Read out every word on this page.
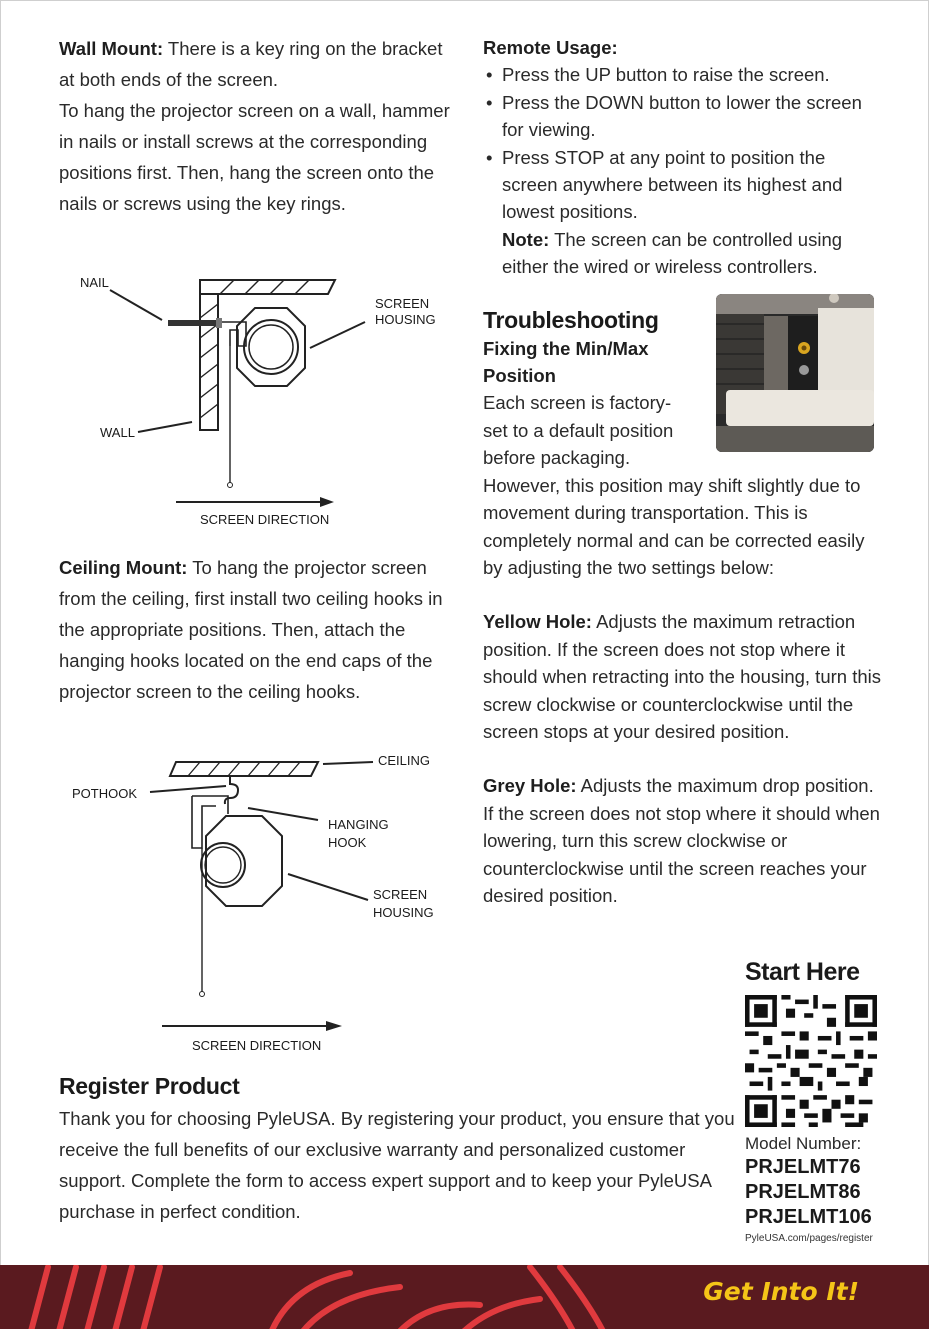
Wall Mount: There is a key ring on the bracket at both ends of the screen.

To hang the projector screen on a wall, hammer in nails or install screws at the corresponding positions first. Then, hang the screen onto the nails or screws using the key rings.

NAIL
SCREEN
HOUSING
WALL
SCREEN DIRECTION

Ceiling Mount: To hang the projector screen from the ceiling, first install two ceiling hooks in the appropriate positions. Then, attach the hanging hooks located on the end caps of the projector screen to the ceiling hooks.

CEILING
POTHOOK
HANGING
HOOK
SCREEN
HOUSING
SCREEN DIRECTION

Remote Usage:

• Press the UP button to raise the screen.
• Press the DOWN button to lower the screen for viewing.
• Press STOP at any point to position the screen anywhere between its highest and lowest positions.

Note: The screen can be controlled using either the wired or wireless controllers.

Troubleshooting

Fixing the Min/Max
Position

Each screen is factory-

set to a default position

before packaging.

However, this position may shift slightly due to movement during transportation. This is completely normal and can be corrected easily by adjusting the two settings below:

Yellow Hole: Adjusts the maximum retraction position. If the screen does not stop where it should when retracting into the housing, turn this screw clockwise or counterclockwise until the screen stops at your desired position.

Grey Hole: Adjusts the maximum drop position. If the screen does not stop where it should when lowering, turn this screw clockwise or counterclockwise until the screen reaches your desired position.

Start Here
Model Number:
PRJELMT76
PRJELMT86
PRJELMT106
PyleUSA.com/pages/register
Register Product

Thank you for choosing PyleUSA. By registering your product, you ensure that you receive the full benefits of our exclusive warranty and personalized customer support. Complete the form to access expert support and to keep your PyleUSA purchase in perfect condition.

Get Into It!
